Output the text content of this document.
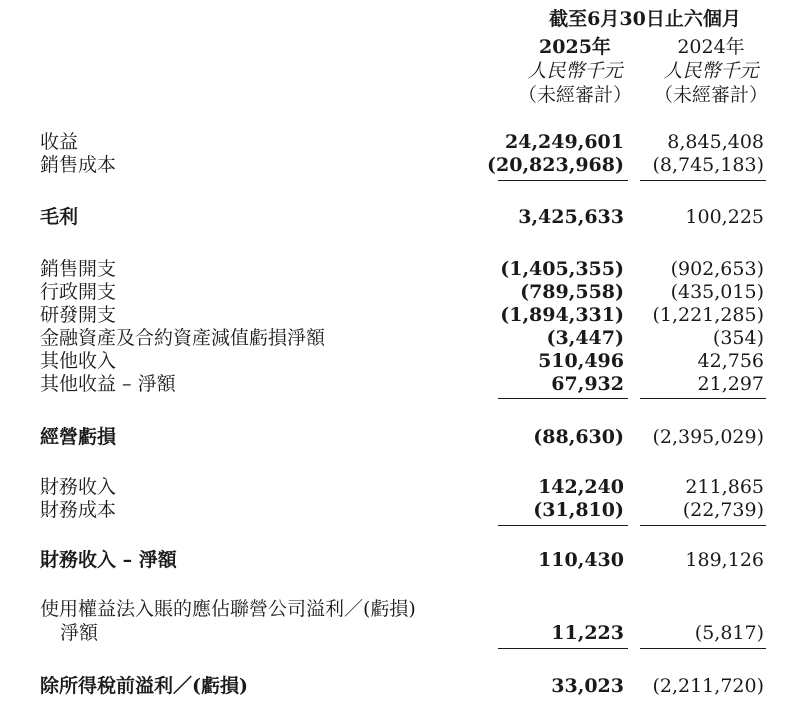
截至6月30日止六個月
2025年
人民幣千元
（未經審計）
2024年
人民幣千元
（未經審計）
收益	24,249,601 8,845,408
銷售成本	(20,823,968) (8,745,183)
毛利	3,425,633	100,225
銷售開支	(1,405,355) (902,653)
行政開支	(789,558) (435,015)
研發開支	(1,894,331) (1,221,285)
金融資產及合約資產減值虧損淨額	(3,447)	(354)
其他收入	510,496	42,756
其他收益 – 淨額	67,932	21,297
經營虧損	(88,630) (2,395,029)
財務收入	142,240	211,865
財務成本	(31,810)	(22,739)
財務收入 – 淨額	110,430	189,126
使用權益法入賬的應佔聯營公司溢利／(虧損)
淨額	11,223	(5,817)
除所得稅前溢利／(虧損)	33,023 (2,211,720)
